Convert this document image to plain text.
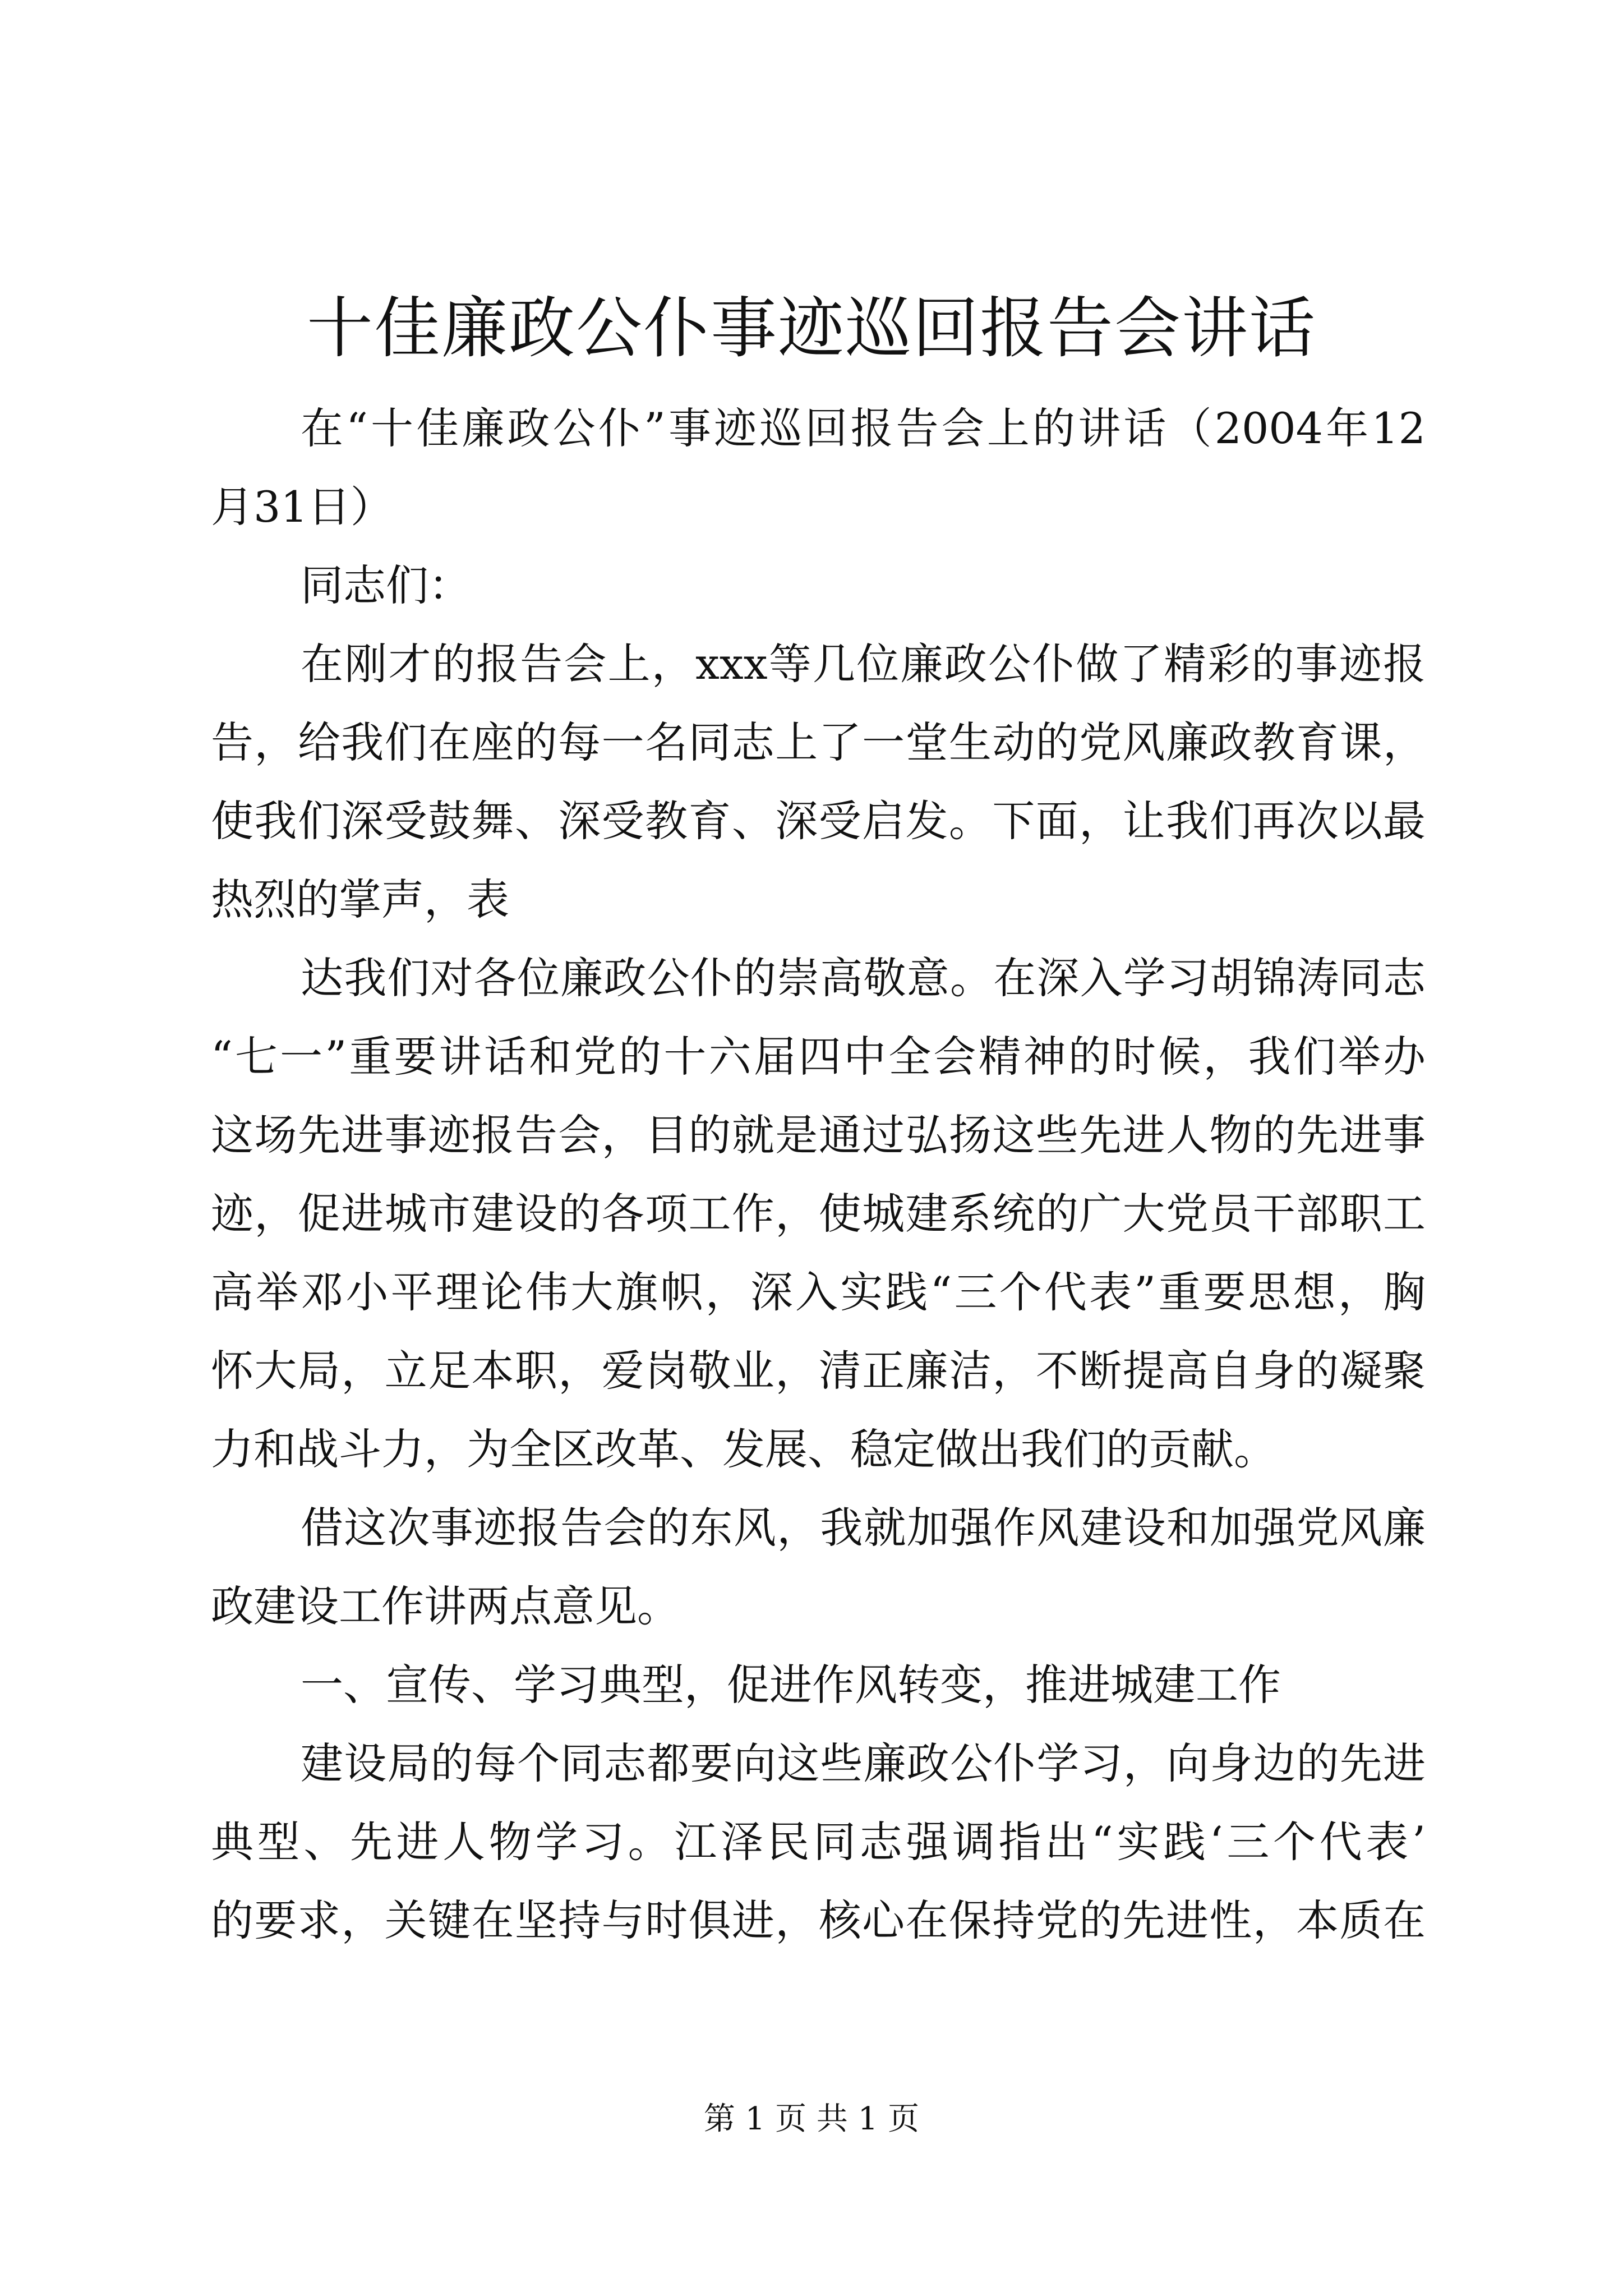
十佳廉政公仆事迹巡回报告会讲话
在“十佳廉政公仆”事迹巡回报告会上的讲话（2004年12
月31日）
同志们：
在刚才的报告会上，xxx等几位廉政公仆做了精彩的事迹报
告，给我们在座的每一名同志上了一堂生动的党风廉政教育课，
使我们深受鼓舞、深受教育、深受启发。下面，让我们再次以最
热烈的掌声，表
达我们对各位廉政公仆的崇高敬意。在深入学习胡锦涛同志
“七一”重要讲话和党的十六届四中全会精神的时候，我们举办
这场先进事迹报告会，目的就是通过弘扬这些先进人物的先进事
迹，促进城市建设的各项工作，使城建系统的广大党员干部职工
高举邓小平理论伟大旗帜，深入实践“三个代表”重要思想，胸
怀大局，立足本职，爱岗敬业，清正廉洁，不断提高自身的凝聚
力和战斗力，为全区改革、发展、稳定做出我们的贡献。
借这次事迹报告会的东风，我就加强作风建设和加强党风廉
政建设工作讲两点意见。
一、宣传、学习典型，促进作风转变，推进城建工作
建设局的每个同志都要向这些廉政公仆学习，向身边的先进
典型、先进人物学习。江泽民同志强调指出“实践‘三个代表’
的要求，关键在坚持与时俱进，核心在保持党的先进性，本质在
第 1 页 共 1 页
